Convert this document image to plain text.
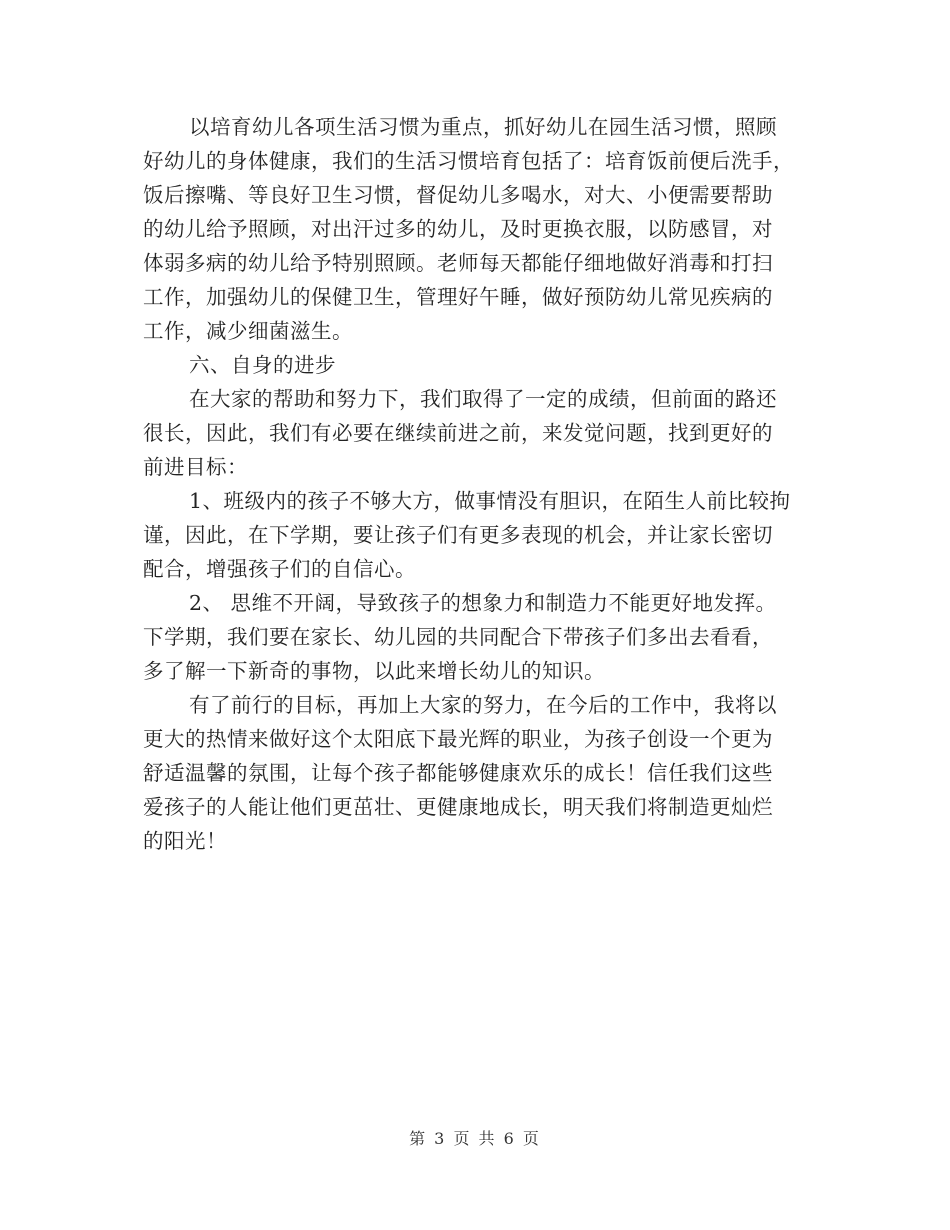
以培育幼儿各项生活习惯为重点，抓好幼儿在园生活习惯，照顾
好幼儿的身体健康，我们的生活习惯培育包括了：培育饭前便后洗手，
饭后擦嘴、等良好卫生习惯，督促幼儿多喝水，对大、小便需要帮助
的幼儿给予照顾，对出汗过多的幼儿，及时更换衣服，以防感冒，对
体弱多病的幼儿给予特别照顾。老师每天都能仔细地做好消毒和打扫
工作，加强幼儿的保健卫生，管理好午睡，做好预防幼儿常见疾病的
工作，减少细菌滋生。

六、自身的进步

在大家的帮助和努力下，我们取得了一定的成绩，但前面的路还
很长，因此，我们有必要在继续前进之前，来发觉问题，找到更好的
前进目标：

1、班级内的孩子不够大方，做事情没有胆识，在陌生人前比较拘
谨，因此，在下学期，要让孩子们有更多表现的机会，并让家长密切
配合，增强孩子们的自信心。

2、 思维不开阔，导致孩子的想象力和制造力不能更好地发挥。
下学期，我们要在家长、幼儿园的共同配合下带孩子们多出去看看，
多了解一下新奇的事物，以此来增长幼儿的知识。

有了前行的目标，再加上大家的努力，在今后的工作中，我将以
更大的热情来做好这个太阳底下最光辉的职业，为孩子创设一个更为
舒适温馨的氛围，让每个孩子都能够健康欢乐的成长！信任我们这些
爱孩子的人能让他们更茁壮、更健康地成长，明天我们将制造更灿烂
的阳光！

第 3 页 共 6 页
